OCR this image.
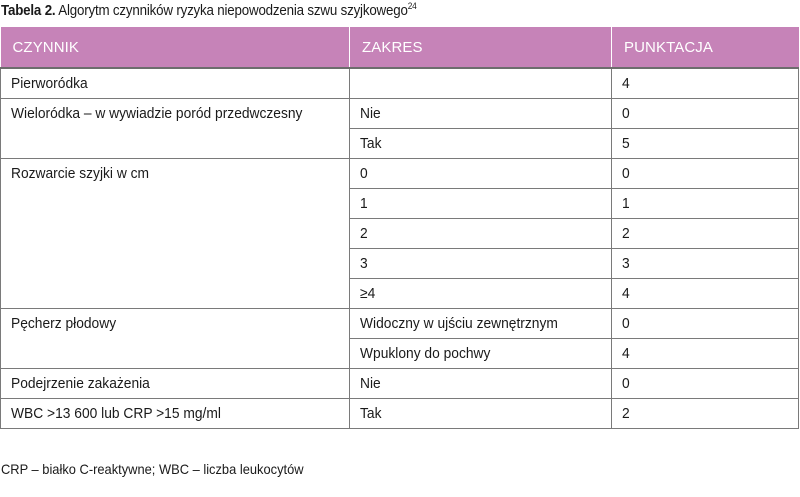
Tabela 2. Algorytm czynników ryzyka niepowodzenia szwu szyjkowego$^{24}$
CZYNNIK	ZAKRES	PUNKTACJA
Pierworódka		4
Wieloródka – w wywiadzie poród przedwczesny	Nie	0
	Tak	5
Rozwarcie szyjki w cm	0	0
	1	1
	2	2
	3	3
	≥4	4
Pęcherz płodowy	Widoczny w ujściu zewnętrznym	0
	Wpuklony do pochwy	4
Podejrzenie zakażenia	Nie	0
WBC >13 600 lub CRP >15 mg/ml	Tak	2
CRP – białko C-reaktywne; WBC – liczba leukocytów
